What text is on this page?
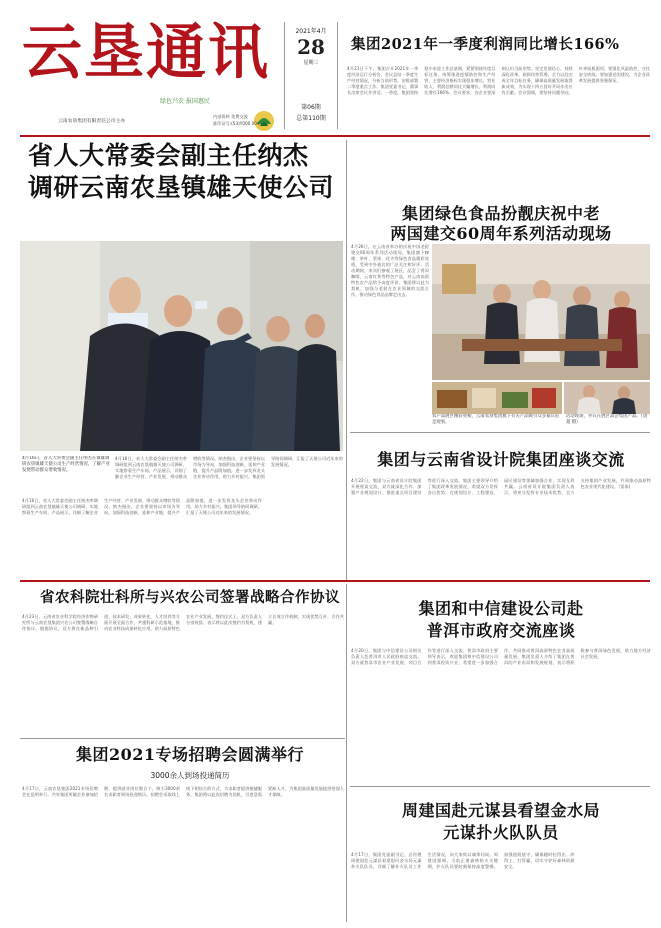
云垦通讯
绿色兴农 报国惠民
云南农垦集团有限责任公司主办
2021年4月
28
星期三
第06期
总第110期
内部资料 免费交流
准印证号:(53)Y000 004
集团2021年一季度利润同比增长166%
4月21日下午，集团召开2021年一季度经济运行分析会，会议总结一季度生产经营情况，分析当前形势，安排部署二季度重点工作。集团党委书记、董事长出席会议并讲话。一季度，集团坚持稳中求进工作总基调，紧紧围绕年度目标任务，统筹推进疫情防控和生产经营，主要经济指标实现稳步增长，营业收入、利润总额同比大幅增长，利润同比增长166%。会议要求，各企业要深刻认识当前形势，坚定发展信心，持续深化改革，狠抓经营管理，全力以赴完成全年目标任务，确保高质量发展取得新成效，为实现十四五良好开局作出应有贡献。会议强调，要坚持问题导向，补齐短板弱项；要强化风险防控，守住安全底线；要加强党的建设，为企业改革发展提供坚强保证。
省人大常委会副主任纳杰
调研云南农垦镇雄天使公司
4月16日，省人大常委会副主任纳杰在镇雄调研农垦镇雄天使公司生产经营情况，了解产业发展带动群众增收情况。
4月16日，省人大常委会副主任纳杰率调研组到云南农垦镇雄天使公司调研，实地察看生产车间、产品展示，详细了解企业生产经营、产业发展、带动群众增收等情况。纳杰指出，企业要坚持以市场为导向，加强科技创新，延伸产业链，提升产品附加值，进一步发挥龙头企业带动作用，助力乡村振兴。集团领导陪同调研，汇报了天使公司近年来的发展情况。
4月16日，省人大常委会副主任纳杰率调研组到云南农垦镇雄天使公司调研，实地察看生产车间、产品展示，详细了解企业生产经营、产业发展、带动群众增收等情况。纳杰指出，企业要坚持以市场为导向，加强科技创新，延伸产业链，提升产品附加值，进一步发挥龙头企业带动作用，助力乡村振兴。集团领导陪同调研，汇报了天使公司近年来的发展情况。
集团绿色食品扮靓庆祝中老
两国建交60周年系列活动现场
4月26日，在云南省举办的庆祝中国老挝建交60周年系列活动现场，集团旗下咖啡、茶叶、坚果、花卉等绿色食品精彩亮相，受到中外嘉宾的广泛关注和好评。活动期间，来宾们参观了展区，品尝了普洱咖啡、云南红茶等特色产品，对云南高原特色农产品给予高度评价。集团将以此为契机，加强与老挝在农业领域的交流合作，推动绿色食品品牌走出去。
农产品展区精彩亮相，云南农垦集团旗下有关产品吸引众多嘉宾驻足观看。
活动现场，外宾在展区品尝集团产品。（饶超 摄）
集团与云南省设计院集团座谈交流
4月22日，集团与云南省设计院集团开展座谈交流，双方就深化合作、加强产业规划设计、推进重点项目建设等进行深入交流。集团主要领导介绍了集团改革发展情况，希望双方发挥各自优势，在规划设计、工程建设、园区建设等领域加强合作，实现互利共赢。云南省设计院集团负责人表示，将充分发挥专业技术优势，全力支持集团产业发展，共同推动高原特色农业现代化建设。（雷泰)
省农科院壮科所与兴农公司签署战略合作协议
4月23日，云南省农业科学院经济作物研究所与云南农垦集团兴农公司签署战略合作协议。根据协议，双方将在新品种引进、技术研发、成果转化、人才培养等方面开展全面合作，共建科研示范基地，推动农业科技成果转化应用，助力高原特色农业产业发展。签约仪式上，双方负责人分别致辞，表示将以此次签约为契机，建立长效合作机制，实现优势互补、合作共赢。
集团和中信建设公司赴
普洱市政府交流座谈
4月20日，集团与中信建设公司相关负责人赴普洱市人民政府座谈交流。双方就普洱市农业产业发展、项目合作等进行深入交流。普洱市政府主要领导表示，欢迎集团和中信建设公司到普洱投资兴业，希望进一步加强合作，共同推动普洱高原特色农业高质量发展。集团负责人介绍了集团在普洱的产业布局和发展规划，表示将积极参与普洱绿色发展，助力地方经济社会发展。
集团2021专场招聘会圆满举行
3000余人到场投递简历
4月17日，云南农垦集团2021专场招聘会在昆明举行，共有集团所属企业参加招聘，提供就业岗位数百个，吸引3000余名求职者到场投递简历。招聘会采取线上线下相结合的方式，为求职者提供便捷服务。集团将以此次招聘为契机，引进急需紧缺人才，为集团高质量发展提供坚强人才保障。
周建国赴元谋县看望金水局
元谋扑火队队员
4月17日，集团党委副书记、总经理周建国赴元谋县看望慰问金水局元谋扑火队队员，详细了解扑火队员工作生活情况，向大家致以诚挚问候。周建国强调，当前正值森林防火关键期，扑火队员要时刻保持高度警惕，加强值班值守，确保随时拉得出、冲得上、打得赢，切实守护好森林资源安全。
